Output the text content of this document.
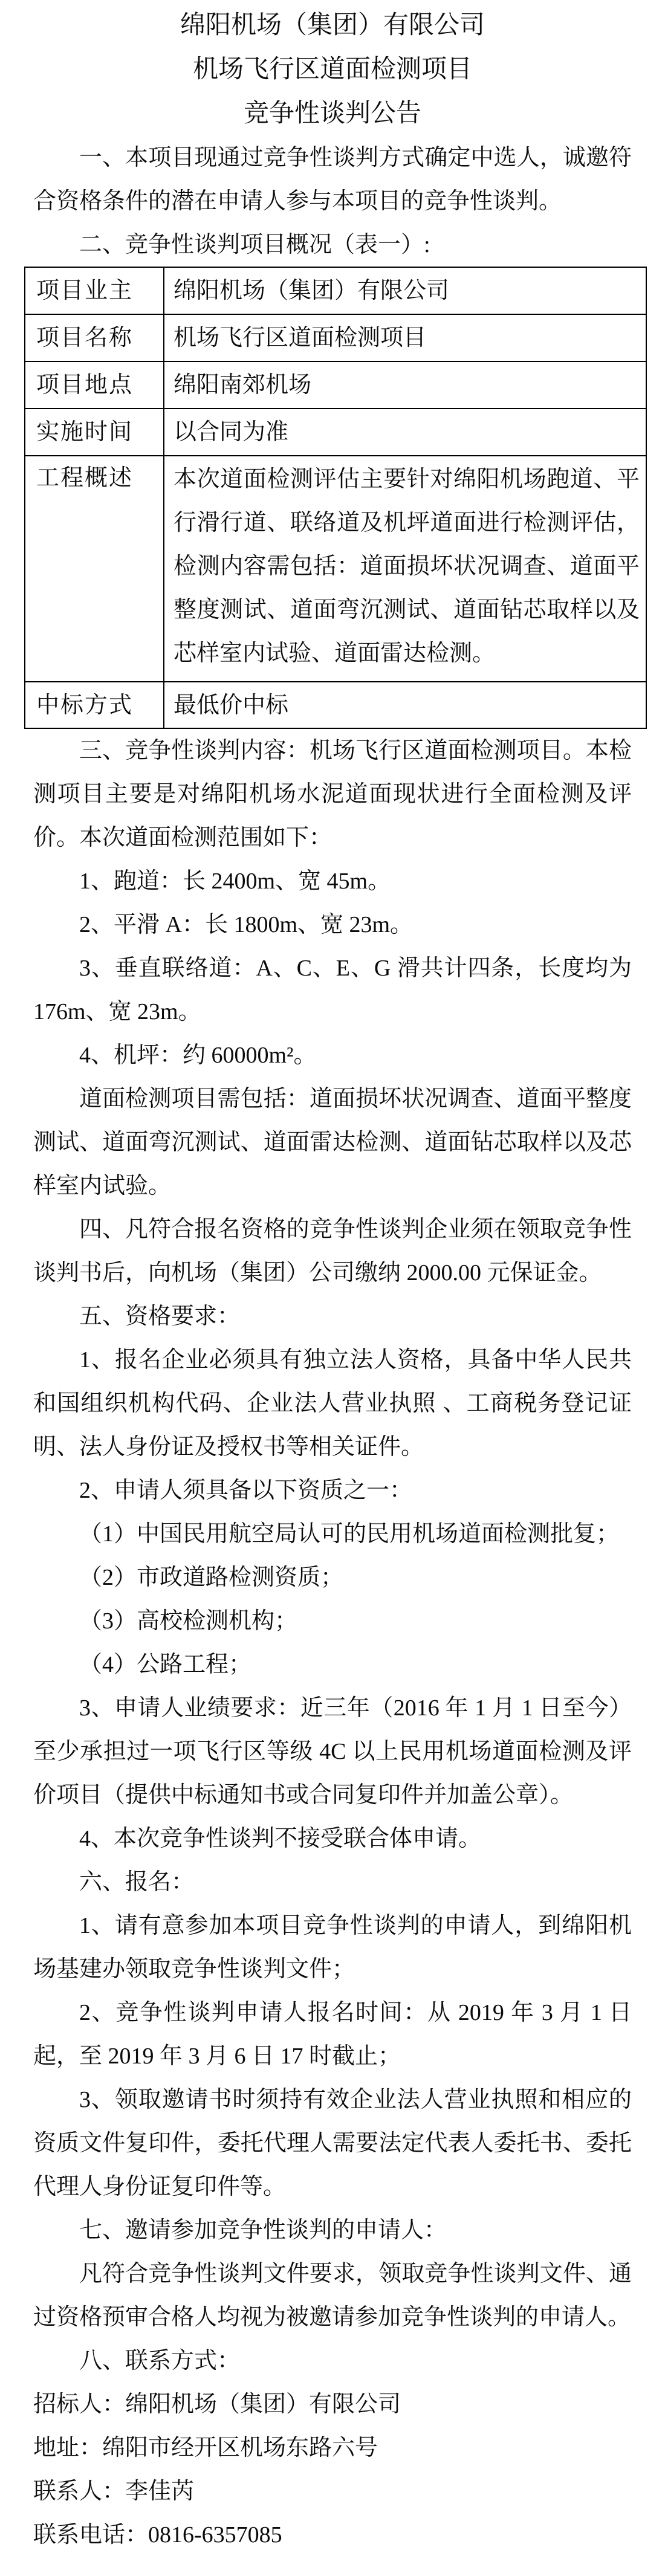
绵阳机场（集团）有限公司
机场飞行区道面检测项目
竞争性谈判公告

一、本项目现通过竞争性谈判方式确定中选人，诚邀符合资格条件的潜在申请人参与本项目的竞争性谈判。

二、竞争性谈判项目概况（表一）:

项目业主	绵阳机场（集团）有限公司
项目名称	机场飞行区道面检测项目
项目地点	绵阳南郊机场
实施时间	以合同为准
工程概述	本次道面检测评估主要针对绵阳机场跑道、平行滑行道、联络道及机坪道面进行检测评估，检测内容需包括：道面损坏状况调查、道面平整度测试、道面弯沉测试、道面钻芯取样以及芯样室内试验、道面雷达检测。
中标方式	最低价中标

三、竞争性谈判内容：机场飞行区道面检测项目。本检测项目主要是对绵阳机场水泥道面现状进行全面检测及评价。本次道面检测范围如下：

1、跑道：长 2400m、宽 45m。

2、平滑 A：长 1800m、宽 23m。

3、垂直联络道：A、C、E、G 滑共计四条，长度均为 176m、宽 23m。

4、机坪：约 60000m²。

道面检测项目需包括：道面损坏状况调查、道面平整度测试、道面弯沉测试、道面雷达检测、道面钻芯取样以及芯样室内试验。

四、凡符合报名资格的竞争性谈判企业须在领取竞争性谈判书后，向机场（集团）公司缴纳 2000.00 元保证金。

五、资格要求：

1、报名企业必须具有独立法人资格，具备中华人民共和国组织机构代码、企业法人营业执照 、工商税务登记证明、法人身份证及授权书等相关证件。

2、申请人须具备以下资质之一：

（1）中国民用航空局认可的民用机场道面检测批复；

（2）市政道路检测资质；

（3）高校检测机构；

（4）公路工程；

3、申请人业绩要求：近三年（2016 年 1 月 1 日至今）至少承担过一项飞行区等级 4C 以上民用机场道面检测及评价项目（提供中标通知书或合同复印件并加盖公章）。

4、本次竞争性谈判不接受联合体申请。

六、报名：

1、请有意参加本项目竞争性谈判的申请人，到绵阳机场基建办领取竞争性谈判文件；

2、竞争性谈判申请人报名时间：从 2019 年 3 月 1 日起，至 2019 年 3 月 6 日 17 时截止；

3、领取邀请书时须持有效企业法人营业执照和相应的资质文件复印件，委托代理人需要法定代表人委托书、委托代理人身份证复印件等。

七、邀请参加竞争性谈判的申请人：

凡符合竞争性谈判文件要求，领取竞争性谈判文件、通过资格预审合格人均视为被邀请参加竞争性谈判的申请人。

八、联系方式：

招标人：绵阳机场（集团）有限公司

地址：绵阳市经开区机场东路六号

联系人：李佳芮

联系电话：0816-6357085
